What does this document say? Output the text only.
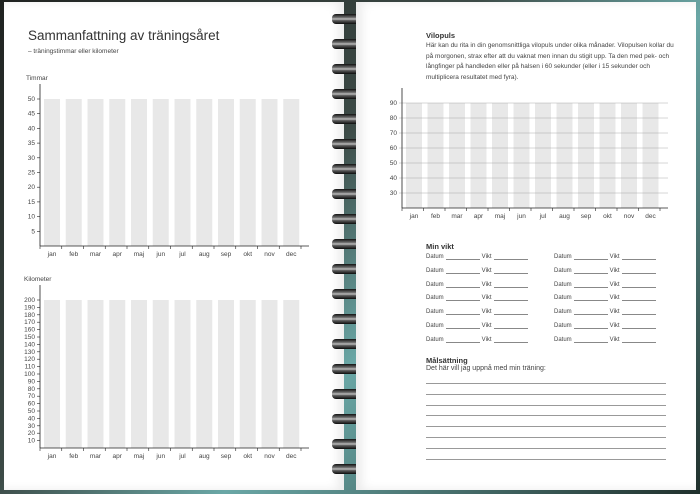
Sammanfattning av träningsåret
– träningstimmar eller kilometer
Timmar
Kilometer
jan feb mar apr maj jun jul aug sep okt nov dec
5
10
15
20
25
30
35
40
45
50
jan feb mar apr maj jun jul aug sep okt nov dec
10
20
30
40
50
60
70
80
90
100
110
120
130
140
150
160
170
180
190
200
Vilopuls
Här kan du rita in din genomsnittliga vilopuls under olika månader. Vilopulsen kollar du på morgonen, strax efter att du vaknat men innan du stigit upp. Ta den med pek- och långfinger på handleden eller på halsen i 60 sekunder (eller i 15 sekunder och multiplicera resultatet med fyra).
jan feb mar apr maj jun jul aug sep okt nov dec
30
40
50
60
70
80
90
Min vikt
Datum	Vikt
Datum	Vikt
Datum	Vikt
Datum	Vikt
Datum	Vikt
Datum	Vikt
Datum	Vikt
Datum	Vikt
Datum	Vikt
Datum	Vikt
Datum	Vikt
Datum	Vikt
Datum	Vikt
Datum	Vikt
Målsättning
Det här vill jag uppnå med min träning:
